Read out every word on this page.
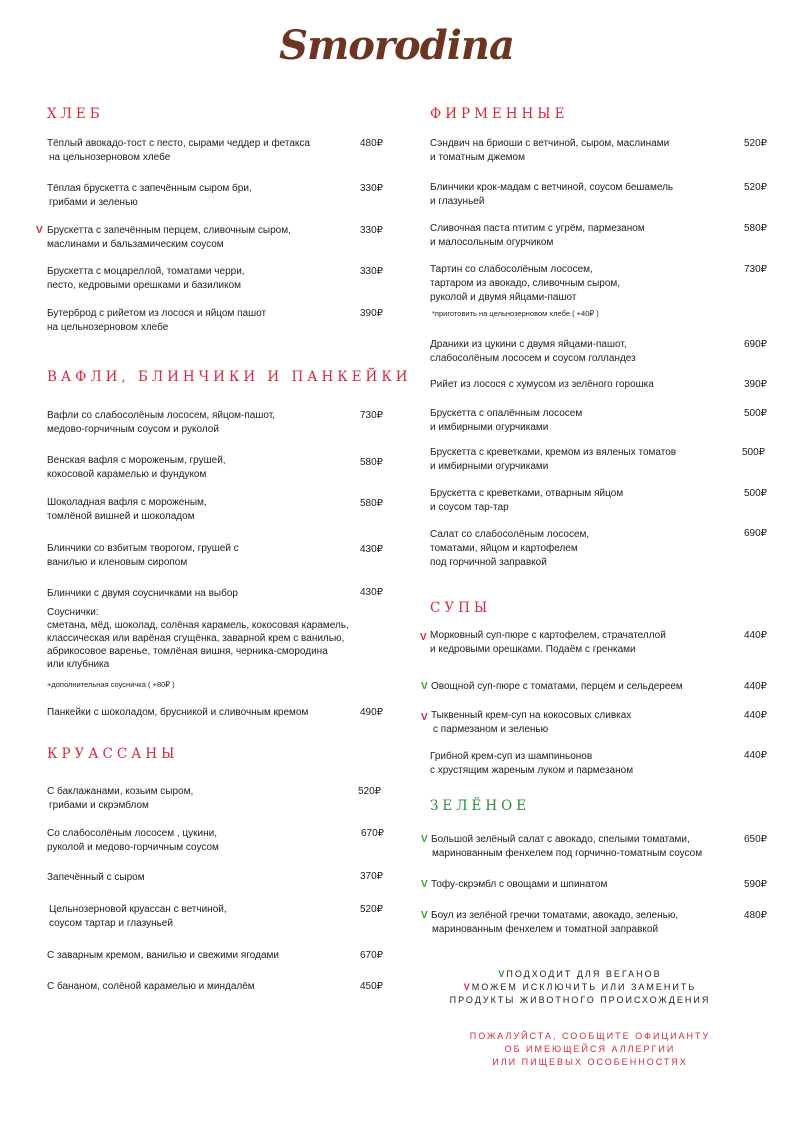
Smorodina
ХЛЕБ
Тёплый авокадо-тост с песто, сырами чеддер и фетакса
на цельнозерновом хлебе
480₽
Тёплая брускетта с запечённым сыром бри,
грибами и зеленью
330₽
V Брускетта с запечённым перцем, сливочным сыром,
маслинами и бальзамическим соусом
330₽
Брускетта с моцареллой, томатами черри,
песто, кедровыми орешками и базиликом
330₽
Бутерброд с рийетом из лосося и яйцом пашот
на цельнозерновом хлебе
390₽
ВАФЛИ, БЛИНЧИКИ И ПАНКЕЙКИ
Вафли со слабосолёным лососем, яйцом-пашот,
медово-горчичным соусом и руколой
730₽
Венская вафля с мороженым, грушей,
кокосовой карамелью и фундуком
580₽
Шоколадная вафля с мороженым,
томлёной вишней и шоколадом
580₽
Блинчики со взбитым творогом, грушей с
ванилью и кленовым сиропом
430₽
Блинчики с двумя соусничками на выбор	430₽
Соуснички:
сметана, мёд, шоколад, солёная карамель, кокосовая карамель,
классическая или варёная сгущёнка, заварной крем с ванилью,
абрикосовое варенье, томлёная вишня, черника-смородина
или клубника
+дополнительная соусничка ( +80₽ )
Панкейки с шоколадом, брусникой и сливочным кремом	490₽
КРУАССАНЫ
С баклажанами, козьим сыром,
грибами и скрэмблом
520₽
Со слабосолёным лососем , цукини,
руколой и медово-горчичным соусом
670₽
Запечённый с сыром	370₽
Цельнозерновой круассан с ветчиной,
соусом тартар и глазуньей
520₽
С заварным кремом, ванилью и свежими ягодами	670₽
С бананом, солёной карамелью и миндалём	450₽
ФИРМЕННЫЕ
Сэндвич на бриоши с ветчиной, сыром, маслинами
и томатным джемом
520₽
Блинчики крок-мадам с ветчиной, соусом бешамель
и глазуньей
520₽
Сливочная паста птитим с угрём, пармезаном
и малосольным огурчиком
580₽
Тартин со слабосолёным лососем,
тартаром из авокадо, сливочным сыром,
руколой и двумя яйцами-пашот
730₽
*приготовить на цельнозерновом хлебе ( +40₽ )
Драники из цукини с двумя яйцами-пашот,
слабосолёным лососем и соусом голландез
690₽
Рийет из лосося с хумусом из зелёного горошка	390₽
Брускетта с опалённым лососем
и имбирными огурчиками
500₽
Брускетта с креветками, кремом из вяленых томатов
и имбирными огурчиками
500₽
Брускетта с креветками, отварным яйцом
и соусом тар-тар
500₽
Салат со слабосолёным лососем,
томатами, яйцом и картофелем
под горчичной заправкой
690₽
СУПЫ
V Морковный суп-пюре с картофелем, страчателлой
и кедровыми орешками. Подаём с гренками
440₽
V Овощной суп-пюре с томатами, перцем и сельдереем	440₽
V Тыквенный крем-суп на кокосовых сливках
с пармезаном и зеленью
440₽
Грибной крем-суп из шампиньонов
с хрустящим жареным луком и пармезаном
440₽
ЗЕЛЁНОЕ
V Большой зелёный салат с авокадо, спелыми томатами,
маринованным фенхелем под горчично-томатным соусом
650₽
V Тофу-скрэмбл с овощами и шпинатом	590₽
V Боул из зелёной гречки томатами, авокадо, зеленью,
маринованным фенхелем и томатной заправкой
480₽
VПОДХОДИТ ДЛЯ ВЕГАНОВ
VМОЖЕМ ИСКЛЮЧИТЬ ИЛИ ЗАМЕНИТЬ
ПРОДУКТЫ ЖИВОТНОГО ПРОИСХОЖДЕНИЯ
ПОЖАЛУЙСТА, СООБЩИТЕ ОФИЦИАНТУ
ОБ ИМЕЮЩЕЙСЯ АЛЛЕРГИИ
ИЛИ ПИЩЕВЫХ ОСОБЕННОСТЯХ
